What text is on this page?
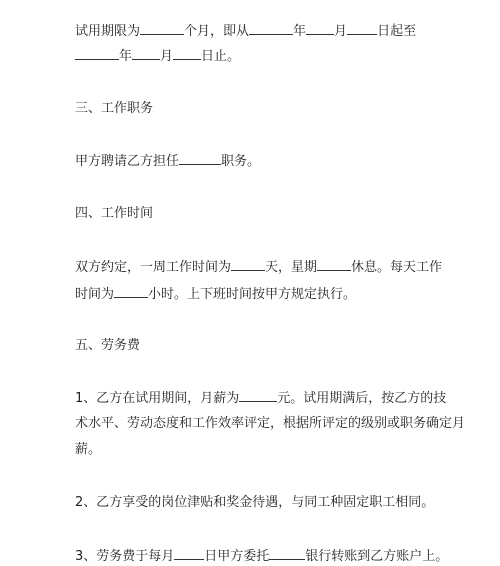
试用期限为	个月，即从	年 月 日起至
年 月 日止。
三、工作职务
甲方聘请乙方担任	职务。
四、工作时间
双方约定，一周工作时间为	天，星期	休息。每天工作
时间为	小时。上下班时间按甲方规定执行。
五、劳务费
1、乙方在试用期间，月薪为	元。试用期满后，按乙方的技
术水平、劳动态度和工作效率评定，根据所评定的级别或职务确定月
薪。
2、乙方享受的岗位津贴和奖金待遇，与同工种固定职工相同。
3、劳务费于每月 日甲方委托	银行转账到乙方账户上。
